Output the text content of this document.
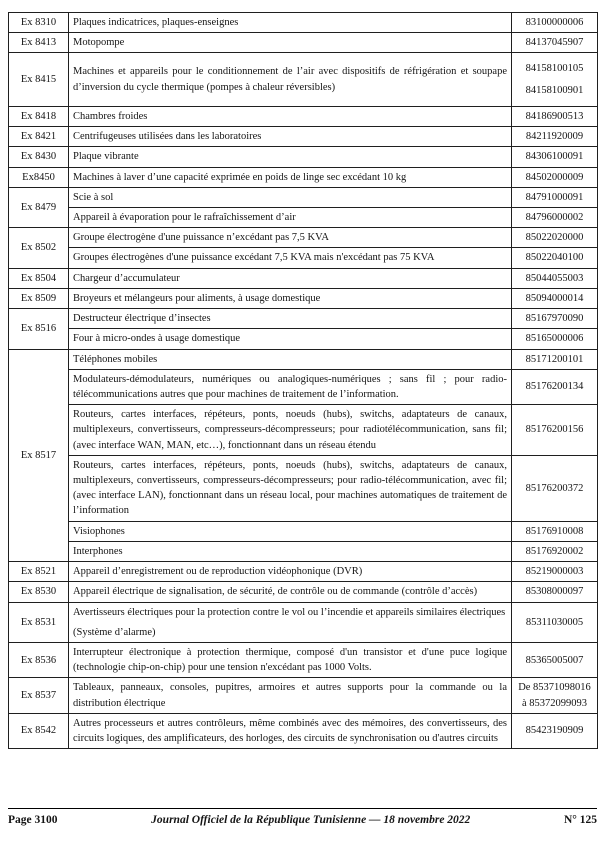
Ex 8310	Plaques indicatrices, plaques-enseignes	83100000006

Ex 8413	Motopompe	84137045907

Ex 8415	Machines et appareils pour le conditionnement de l’air avec dispositifs de réfrigération et soupape d’inversion du cycle thermique (pompes à chaleur réversibles)	84158100105
84158100901

Ex 8418	Chambres froides	84186900513

Ex 8421	Centrifugeuses utilisées dans les laboratoires	84211920009

Ex 8430	Plaque vibrante	84306100091

Ex8450	Machines à laver d’une capacité exprimée en poids de linge sec excédant 10 kg	84502000009

Ex 8479	Scie à sol	84791000091

	Appareil à évaporation pour le rafraîchissement d’air	84796000002

Ex 8502	Groupe électrogène d'une puissance n’excédant pas 7,5 KVA	85022020000

	Groupes électrogènes d'une puissance excédant 7,5 KVA mais n'excédant pas 75 KVA	85022040100

Ex 8504	Chargeur d’accumulateur	85044055003

Ex 8509	Broyeurs et mélangeurs pour aliments, à usage domestique	85094000014

Ex 8516	Destructeur électrique d’insectes	85167970090

	Four à micro-ondes à usage domestique	85165000006

Ex 8517	Téléphones mobiles	85171200101

	Modulateurs-démodulateurs, numériques ou analogiques-numériques ; sans fil ; pour radio-télécommunications autres que pour machines de traitement de l’information.	85176200134

	Routeurs, cartes interfaces, répéteurs, ponts, noeuds (hubs), switchs, adaptateurs de canaux, multiplexeurs, convertisseurs, compresseurs-décompresseurs; pour radiotélécommunication, sans fil; (avec interface WAN, MAN, etc…), fonctionnant dans un réseau étendu	85176200156

	Routeurs, cartes interfaces, répéteurs, ponts, noeuds (hubs), switchs, adaptateurs de canaux, multiplexeurs, convertisseurs, compresseurs-décompresseurs; pour radio-télécommunication, avec fil; (avec interface LAN), fonctionnant dans un réseau local, pour machines automatiques de traitement de l’information	85176200372

	Visiophones	85176910008

	Interphones	85176920002

Ex 8521	Appareil d’enregistrement ou de reproduction vidéophonique (DVR)	85219000003

Ex 8530	Appareil électrique de signalisation, de sécurité, de contrôle ou de commande (contrôle d’accès)	85308000097

Ex 8531	Avertisseurs électriques pour la protection contre le vol ou l’incendie et appareils similaires électriques
(Système d’alarme)	85311030005

Ex 8536	Interrupteur électronique à protection thermique, composé d'un transistor et d'une puce logique (technologie chip-on-chip) pour une tension n'excédant pas 1000 Volts.	85365005007

Ex 8537	Tableaux, panneaux, consoles, pupitres, armoires et autres supports pour la commande ou la distribution électrique	De 85371098016 à 85372099093

Ex 8542	Autres processeurs et autres contrôleurs, même combinés avec des mémoires, des convertisseurs, des circuits logiques, des amplificateurs, des horloges, des circuits de synchronisation ou d'autres circuits	85423190909
Page 3100	Journal Officiel de la République Tunisienne — 18 novembre 2022	N° 125
